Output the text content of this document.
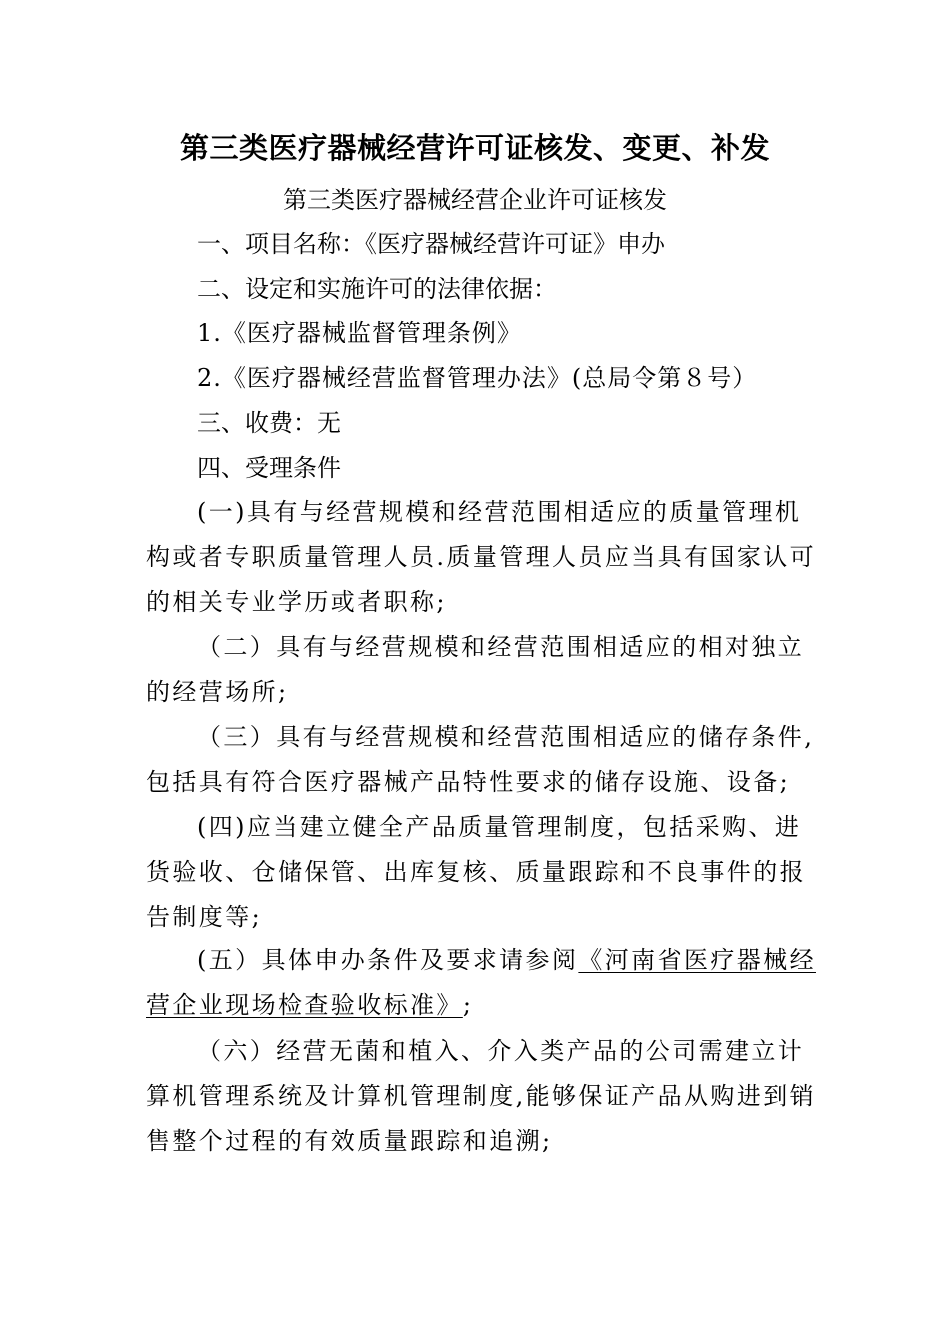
第三类医疗器械经营许可证核发、变更、补发
第三类医疗器械经营企业许可证核发
一、项目名称：《医疗器械经营许可证》申办
二、设定和实施许可的法律依据：
1.《医疗器械监督管理条例》
2.《医疗器械经营监督管理办法》(总局令第８号）
三、收费：无
四、受理条件
(一)具有与经营规模和经营范围相适应的质量管理机
构或者专职质量管理人员.质量管理人员应当具有国家认可
的相关专业学历或者职称;
（二）具有与经营规模和经营范围相适应的相对独立
的经营场所;
（三）具有与经营规模和经营范围相适应的储存条件,
包括具有符合医疗器械产品特性要求的储存设施、设备;
(四)应当建立健全产品质量管理制度，包括采购、进
货验收、仓储保管、出库复核、质量跟踪和不良事件的报
告制度等;
(五）具体申办条件及要求请参阅《河南省医疗器械经
营企业现场检查验收标准》;
（六）经营无菌和植入、介入类产品的公司需建立计
算机管理系统及计算机管理制度,能够保证产品从购进到销
售整个过程的有效质量跟踪和追溯;
